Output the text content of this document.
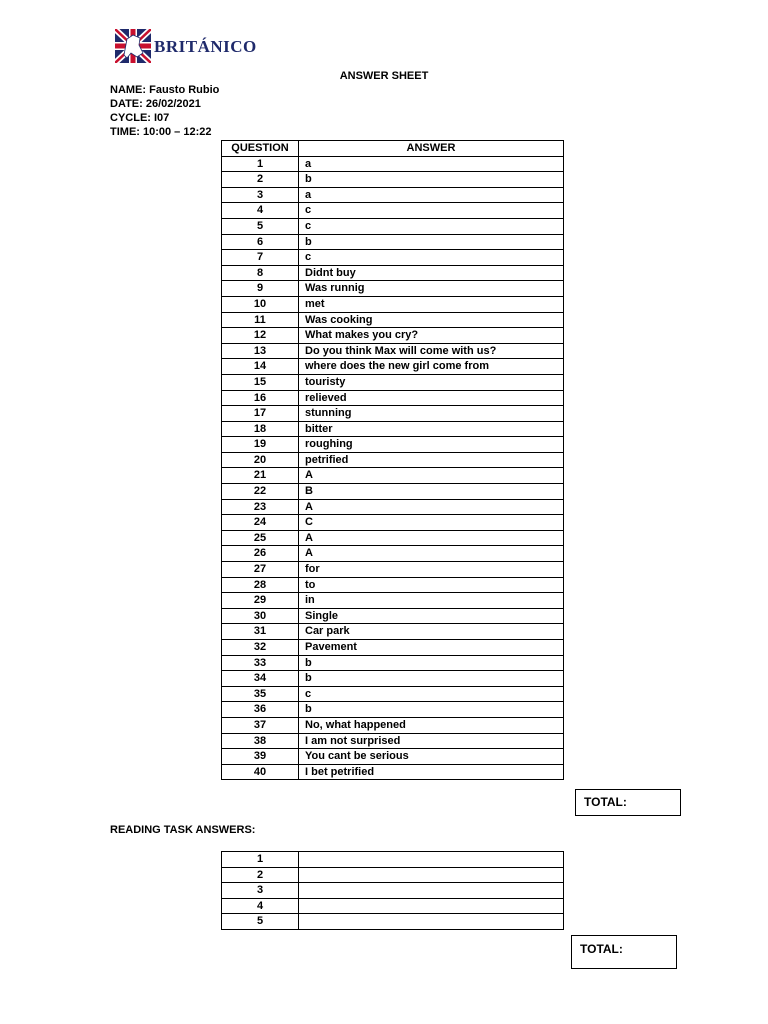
BRITÁNICO
ANSWER SHEET
NAME: Fausto Rubio
DATE: 26/02/2021
CYCLE: I07
TIME: 10:00 – 12:22
QUESTION	ANSWER
1	a
2	b
3	a
4	c
5	c
6	b
7	c
8	Didnt buy
9	Was runnig
10	met
11	Was cooking
12	What makes you cry?
13	Do you think Max will come with us?
14	where does the new girl come from
15	touristy
16	relieved
17	stunning
18	bitter
19	roughing
20	petrified
21	A
22	B
23	A
24	C
25	A
26	A
27	for
28	to
29	in
30	Single
31	Car park
32	Pavement
33	b
34	b
35	c
36	b
37	No, what happened
38	I am not surprised
39	You cant be serious
40	I bet petrified
TOTAL:
READING TASK ANSWERS:
1	
2	
3	
4	
5	
TOTAL:
